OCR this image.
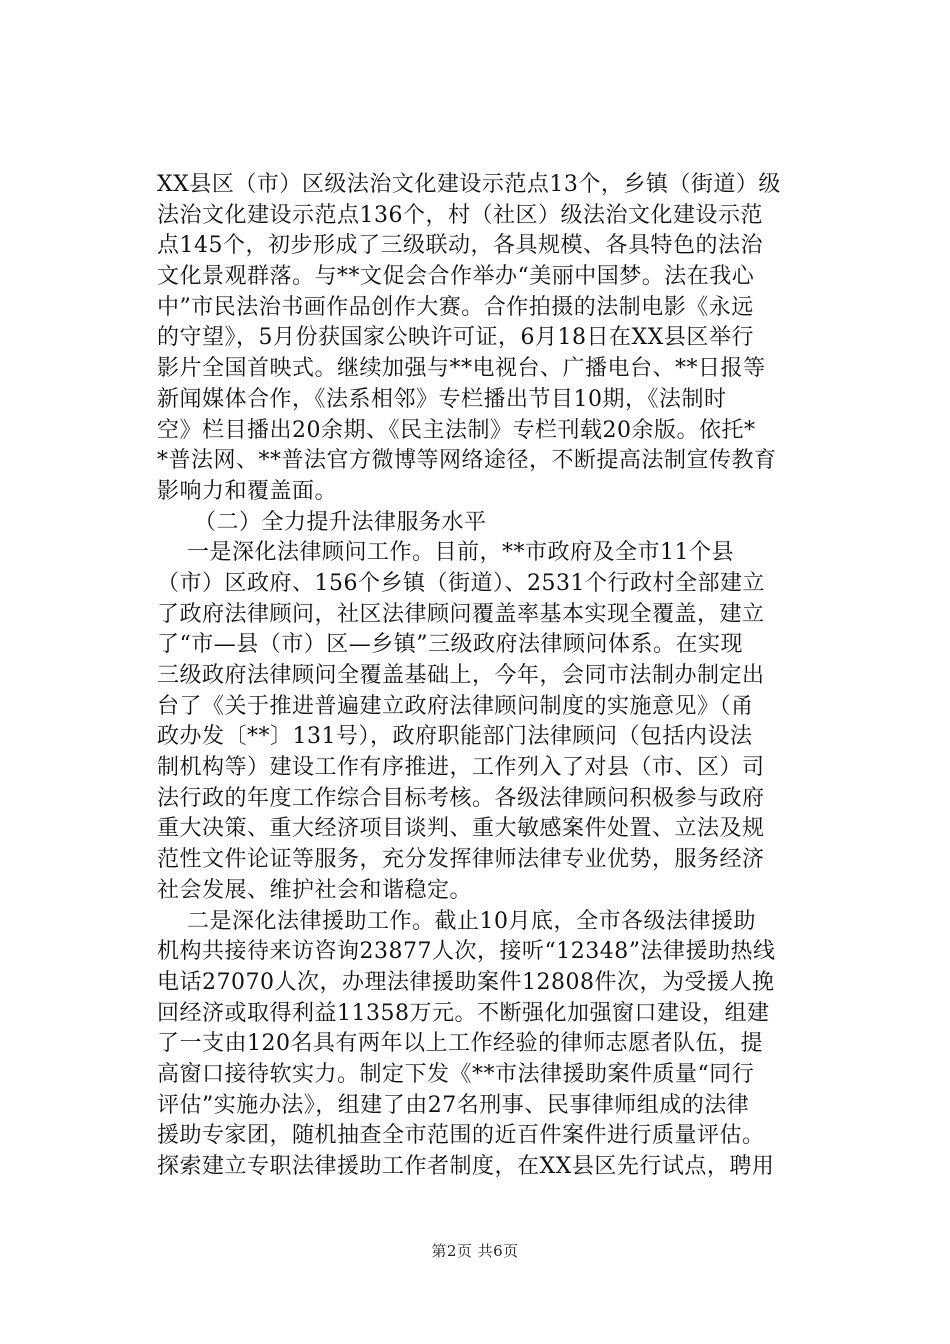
XX县区（市）区级法治文化建设示范点13个，乡镇（街道）级
法治文化建设示范点136个，村（社区）级法治文化建设示范
点145个，初步形成了三级联动，各具规模、各具特色的法治
文化景观群落。与**文促会合作举办“美丽中国梦。法在我心
中”市民法治书画作品创作大赛。合作拍摄的法制电影《永远
的守望》，5月份获国家公映许可证，6月18日在XX县区举行
影片全国首映式。继续加强与**电视台、广播电台、**日报等
新闻媒体合作，《法系相邻》专栏播出节目10期，《法制时
空》栏目播出20余期、《民主法制》专栏刊载20余版。依托*
*普法网、**普法官方微博等网络途径，不断提高法制宣传教育
影响力和覆盖面。
（二）全力提升法律服务水平
一是深化法律顾问工作。目前，**市政府及全市11个县
（市）区政府、156个乡镇（街道）、2531个行政村全部建立
了政府法律顾问，社区法律顾问覆盖率基本实现全覆盖，建立
了“市—县（市）区—乡镇”三级政府法律顾问体系。在实现
三级政府法律顾问全覆盖基础上，今年，会同市法制办制定出
台了《关于推进普遍建立政府法律顾问制度的实施意见》（甬
政办发〔**〕131号），政府职能部门法律顾问（包括内设法
制机构等）建设工作有序推进，工作列入了对县（市、区）司
法行政的年度工作综合目标考核。各级法律顾问积极参与政府
重大决策、重大经济项目谈判、重大敏感案件处置、立法及规
范性文件论证等服务，充分发挥律师法律专业优势，服务经济
社会发展、维护社会和谐稳定。
二是深化法律援助工作。截止10月底，全市各级法律援助
机构共接待来访咨询23877人次，接听“12348”法律援助热线
电话27070人次，办理法律援助案件12808件次，为受援人挽
回经济或取得利益11358万元。不断强化加强窗口建设，组建
了一支由120名具有两年以上工作经验的律师志愿者队伍，提
高窗口接待软实力。制定下发《**市法律援助案件质量“同行
评估”实施办法》，组建了由27名刑事、民事律师组成的法律
援助专家团，随机抽查全市范围的近百件案件进行质量评估。
探索建立专职法律援助工作者制度，在XX县区先行试点，聘用
第2页 共6页
